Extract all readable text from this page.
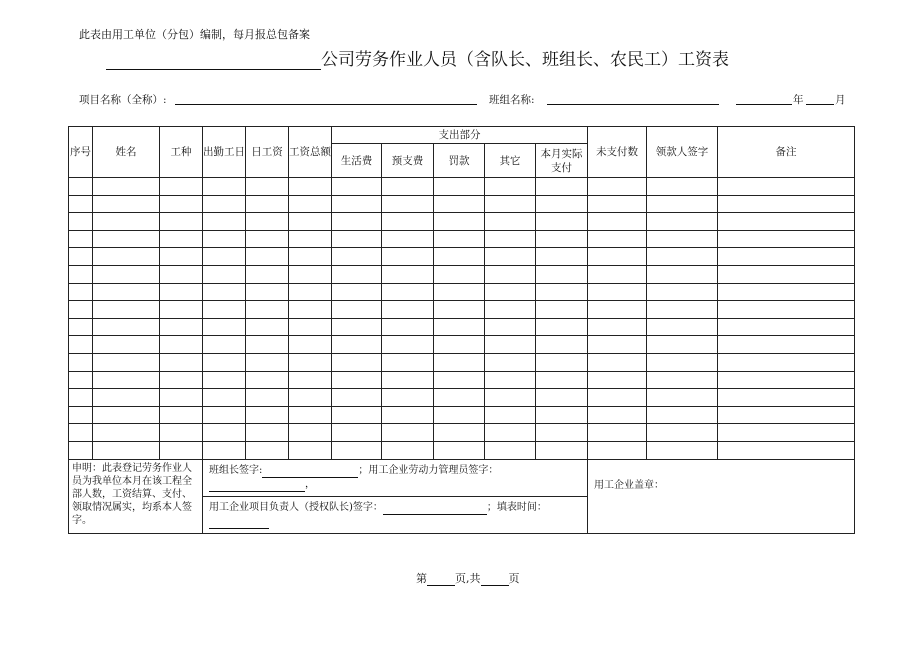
此表由用工单位（分包）编制，每月报总包备案
公司劳务作业人员（含队长、班组长、农民工）工资表
项目名称（全称）:	班组名称:	年	月
序号	姓名	工种	出勤工日	日工资	工资总额	支出部分					未支付数	领款人签字	备注
						生活费	预支费	罚款	其它	本月实际支付			

申明：此表登记劳务作业人员为我单位本月在该工程全部人数，工资结算、支付、领取情况属实，均系本人签字。			班组长签字: ；用工企业劳动力管理员签字：，								用工企业盖章：		

			用工企业项目负责人（授权队长)签字： ；填表时间：										
第	页,共	页
